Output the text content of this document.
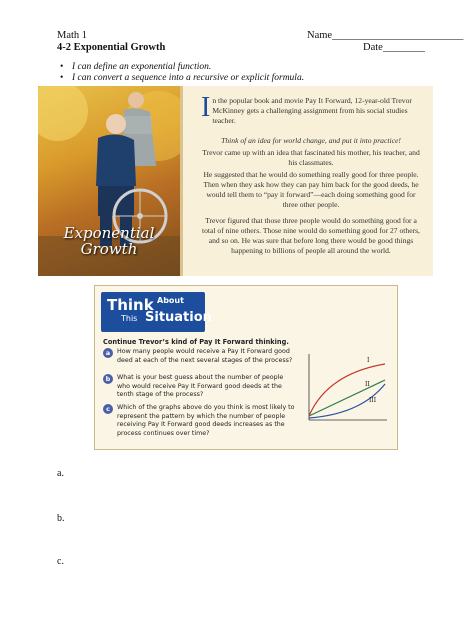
Math 1	Name_________________________
4-2 Exponential Growth	Date________
• I can define an exponential function.
• I can convert a sequence into a recursive or explicit formula.
Exponential
Growth

In the popular book and movie Pay It Forward, 12-year-old Trevor McKinney gets a challenging assignment from his social studies teacher.

Think of an idea for world change, and put it into practice!

Trevor came up with an idea that fascinated his mother, his teacher, and his classmates.

He suggested that he would do something really good for three people. Then when they ask how they can pay him back for the good deeds, he would tell them to “pay it forward”—each doing something good for three other people.

Trevor figured that those three people would do something good for a total of nine others. Those nine would do something good for 27 others, and so on. He was sure that before long there would be good things happening to billions of people all around the world.

Think About
This Situation
Continue Trevor’s kind of Pay It Forward thinking.
a	How many people would receive a Pay It Forward good deed at each of the next several stages of the process?
b	What is your best guess about the number of people who would receive Pay It Forward good deeds at the tenth stage of the process?
c	Which of the graphs above do you think is most likely to represent the pattern by which the number of people receiving Pay It Forward good deeds increases as the process continues over time?
I
II
III
a.
b.
c.
